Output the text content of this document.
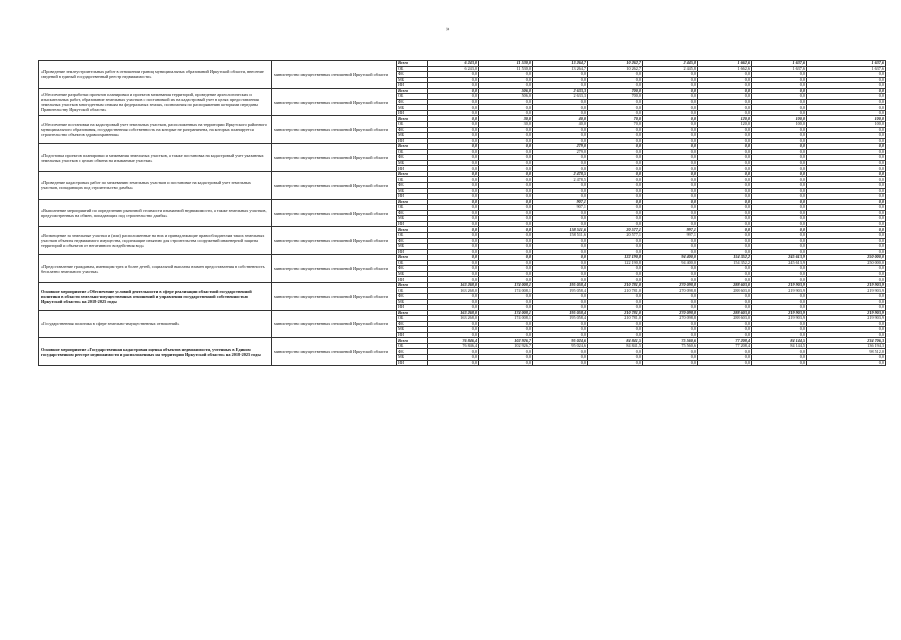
»
«Проведение землеустроительных работ в отношении границ муниципальных образований Иркутской области, внесение сведений в единый государственный реестр недвижимости»	министерство имущественных отношений Иркутской области	Всего	6 243,0	11 530,0	13 264,7	10 262,7	2 445,8	1 662,6	1 637,6	1 637,6
		ОБ	6 243,0	11 530,0	13 264,7	10 262,7	2 445,8	1 662,6	1 637,6	1 637,6
		ФБ	0,0	0,0	0,0	0,0	0,0	0,0	0,0	0,0
		МБ	0,0	0,0	0,0	0,0	0,0	0,0	0,0	0,0
		ИИ	0,0	0,0	0,0	0,0	0,0	0,0	0,0	0,0
«Обеспечение разработки проектов планировки и проектов межевания территорий, проведение археологических и изыскательных работ, образование земельных участков с постановкой их на кадастровый учет в целях предоставления земельных участков многодетным семьям на федеральных землях, полномочия по распоряжению которыми переданы Правительству Иркутской области»	министерство имущественных отношений Иркутской области	Всего	0,0	506,0	2 633,3	700,0	0,0	0,0	0,0	0,0
		ОБ	0,0	506,0	2 633,3	700,0	0,0	0,0	0,0	0,0
		ФБ	0,0	0,0	0,0	0,0	0,0	0,0	0,0	0,0
		МБ	0,0	0,0	0,0	0,0	0,0	0,0	0,0	0,0
		ИИ	0,0	0,0	0,0	0,0	0,0	0,0	0,0	0,0
«Обеспечение постановки на кадастровый учет земельных участков, расположенных на территории Иркутского районного муниципального образования, государственная собственность на которые не разграничена, на которых планируется строительство объектов здравоохранения»	министерство имущественных отношений Иркутской области	Всего	0,0	30,0	40,0	70,0	0,0	120,0	100,0	100,0
		ОБ	0,0	30,0	40,0	70,0	0,0	120,0	100,0	100,0
		ФБ	0,0	0,0	0,0	0,0	0,0	0,0	0,0	0,0
		МБ	0,0	0,0	0,0	0,0	0,0	0,0	0,0	0,0
		ИИ	0,0	0,0	0,0	0,0	0,0	0,0	0,0	0,0
«Подготовка проектов планировки и межевания земельных участков, а также постановка на кадастровый учет указанных земельных участков с целью обмена на изымаемые участки»	министерство имущественных отношений Иркутской области	Всего	0,0	0,0	279,0	0,0	0,0	0,0	0,0	0,0
		ОБ	0,0	0,0	279,0	0,0	0,0	0,0	0,0	0,0
		ФБ	0,0	0,0	0,0	0,0	0,0	0,0	0,0	0,0
		МБ	0,0	0,0	0,0	0,0	0,0	0,0	0,0	0,0
		ИИ	0,0	0,0	0,0	0,0	0,0	0,0	0,0	0,0
«Проведение кадастровых работ по межеванию земельных участков и постановке на кадастровый учет земельных участков, попадающих под строительство дамбы»	министерство имущественных отношений Иркутской области	Всего	0,0	0,0	2 478,5	0,0	0,0	0,0	0,0	0,0
		ОБ	0,0	0,0	2 478,5	0,0	0,0	0,0	0,0	0,0
		ФБ	0,0	0,0	0,0	0,0	0,0	0,0	0,0	0,0
		МБ	0,0	0,0	0,0	0,0	0,0	0,0	0,0	0,0
		ИИ	0,0	0,0	0,0	0,0	0,0	0,0	0,0	0,0
«Выполнение мероприятий по определению рыночной стоимости изымаемой недвижимости, а также земельных участков, предусмотренных на обмен, попадающих под строительство дамбы»	министерство имущественных отношений Иркутской области	Всего	0,0	0,0	907,1	0,0	0,0	0,0	0,0	0,0
		ОБ	0,0	0,0	907,1	0,0	0,0	0,0	0,0	0,0
		ФБ	0,0	0,0	0,0	0,0	0,0	0,0	0,0	0,0
		МБ	0,0	0,0	0,0	0,0	0,0	0,0	0,0	0,0
		ИИ	0,0	0,0	0,0	0,0	0,0	0,0	0,0	0,0
«Возмещение за земельные участки и (или) расположенные на них и принадлежащие правообладателям таких земельных участков объекты недвижимого имущества, подлежащие изъятию для строительства сооружений инженерной защиты территорий и объектов от негативного воздействия вод»	министерство имущественных отношений Иркутской области	Всего	0,0	0,0	158 511,6	20 577,1	997,1	0,0	0,0	0,0
		ОБ	0,0	0,0	158 511,6	20 577,1	997,1	0,0	0,0	0,0
		ФБ	0,0	0,0	0,0	0,0	0,0	0,0	0,0	0,0
		МБ	0,0	0,0	0,0	0,0	0,0	0,0	0,0	0,0
		ИИ	0,0	0,0	0,0	0,0	0,0	0,0	0,0	0,0
«Предоставление гражданам, имеющим трех и более детей, социальной выплаты взамен предоставления в собственность бесплатно земельного участка»	министерство имущественных отношений Иркутской области	Всего	0,0	0,0	0,0	122 190,8	94 400,0	154 352,2	245 613,9	250 000,0
		ОБ	0,0	0,0	0,0	122 190,8	94 400,0	154 352,2	245 613,9	250 000,0
		ФБ	0,0	0,0	0,0	0,0	0,0	0,0	0,0	0,0
		МБ	0,0	0,0	0,0	0,0	0,0	0,0	0,0	0,0
		ИИ	0,0	0,0	0,0	0,0	0,0	0,0	0,0	0,0
Основное мероприятие «Обеспечение условий деятельности в сфере реализации областной государственной политики в области земельно-имущественных отношений и управления государственной собственностью Иркутской области» на 2018-2025 годы	министерство имущественных отношений Иркутской области	Всего	163 268,0	174 008,1	195 058,4	210 781,0	270 098,8	288 603,0	219 903,9	219 903,9
		ОБ	163 268,0	174 008,1	195 058,4	210 781,0	270 098,8	288 603,0	219 903,9	219 903,9
		ФБ	0,0	0,0	0,0	0,0	0,0	0,0	0,0	0,0
		МБ	0,0	0,0	0,0	0,0	0,0	0,0	0,0	0,0
		ИИ	0,0	0,0	0,0	0,0	0,0	0,0	0,0	0,0
«Государственная политика в сфере земельно-имущественных отношений»	министерство имущественных отношений Иркутской области	Всего	163 268,0	174 008,1	195 058,4	210 781,0	270 098,8	288 603,0	219 903,9	219 903,9
		ОБ	163 268,0	174 008,1	195 058,4	210 781,0	270 098,8	288 603,0	219 903,9	219 903,9
		ФБ	0,0	0,0	0,0	0,0	0,0	0,0	0,0	0,0
		МБ	0,0	0,0	0,0	0,0	0,0	0,0	0,0	0,0
		ИИ	0,0	0,0	0,0	0,0	0,0	0,0	0,0	0,0
Основное мероприятие «Государственная кадастровая оценка объектов недвижимости, учтенных в Едином государственном реестре недвижимости и расположенных на территории Иркутской области» на 2018-2025 годы	министерство имущественных отношений Иркутской области	Всего	76 846,4	102 926,7	95 024,6	84 841,5	75 560,6	77 208,4	84 144,5	234 706,3
		ОБ	76 846,4	102 926,7	95 024,6	84 841,5	75 560,6	77 208,4	84 144,5	136 194,3
		ФБ	0,0	0,0	0,0	0,0	0,0	0,0	0,0	98 512,0
		МБ	0,0	0,0	0,0	0,0	0,0	0,0	0,0	0,0
		ИИ	0,0	0,0	0,0	0,0	0,0	0,0	0,0	0,0
